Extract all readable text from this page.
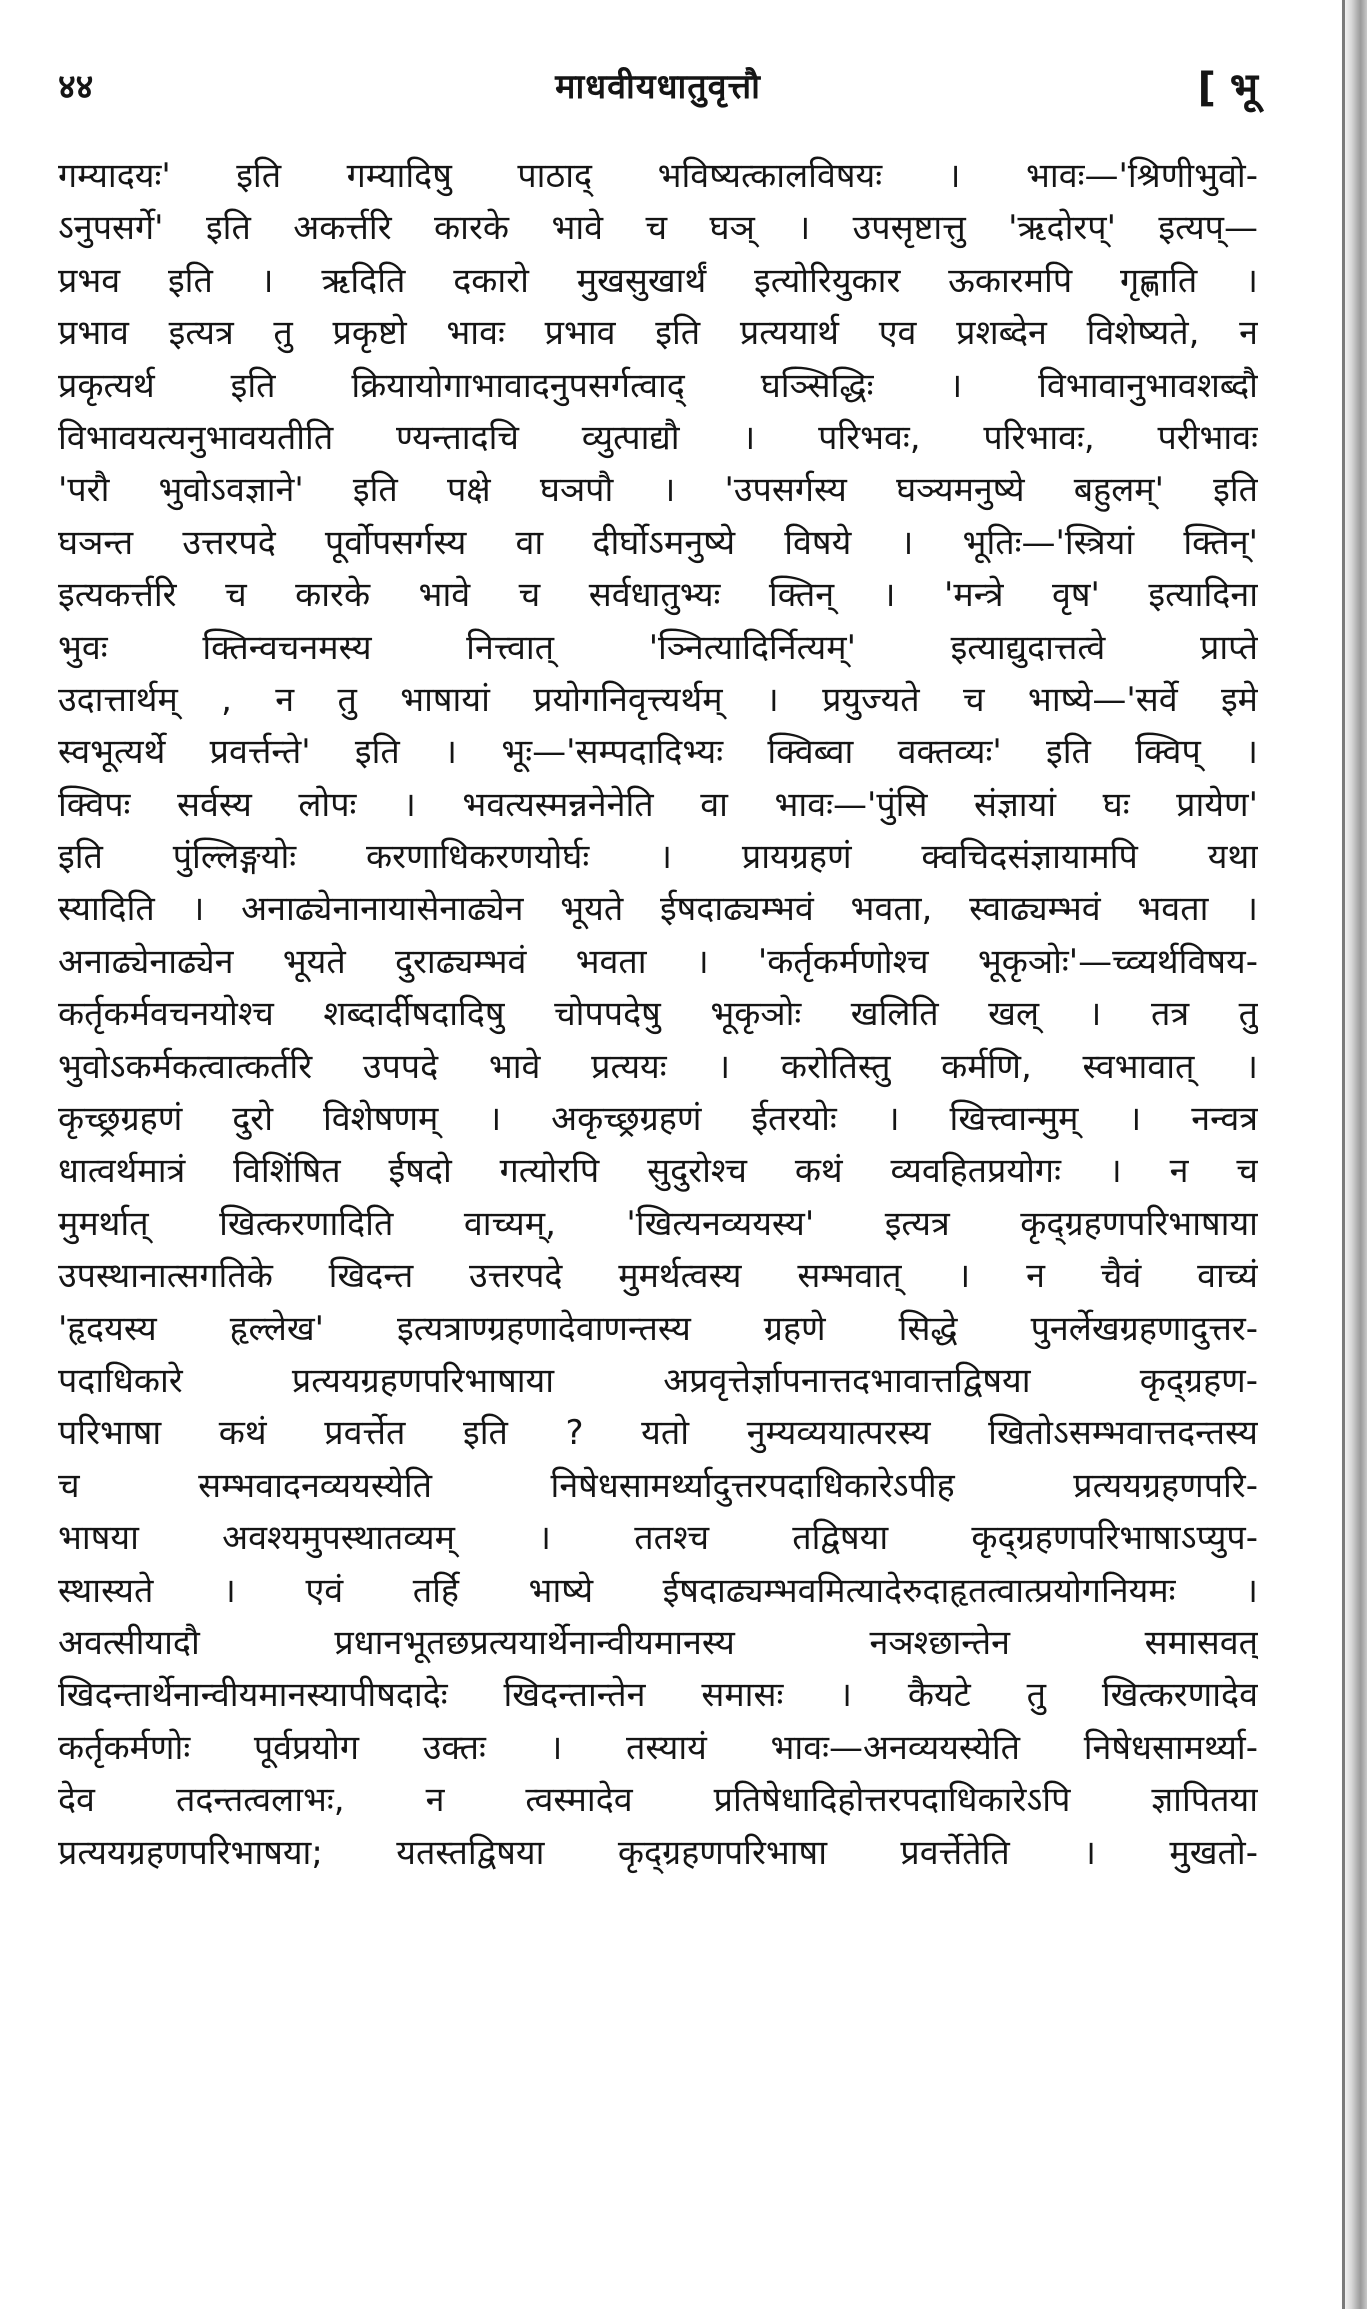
४४	माधवीयधातुवृत्तौ	[ भू
गम्यादयः' इति गम्यादिषु पाठाद् भविष्यत्कालविषयः । भावः—'श्रिणीभुवो-
ऽनुपसर्गे' इति अकर्त्तरि कारके भावे च घञ् । उपसृष्टात्तु 'ऋदोरप्' इत्यप्—
प्रभव इति । ऋदिति दकारो मुखसुखार्थं इत्योरियुकार ऊकारमपि गृह्णाति ।
प्रभाव इत्यत्र तु प्रकृष्टो भावः प्रभाव इति प्रत्ययार्थ एव प्रशब्देन विशेष्यते, न
प्रकृत्यर्थ इति क्रियायोगाभावादनुपसर्गत्वाद् घञ्सिद्धिः । विभावानुभावशब्दौ
विभावयत्यनुभावयतीति ण्यन्तादचि व्युत्पाद्यौ । परिभवः, परिभावः, परीभावः
'परौ भुवोऽवज्ञाने' इति पक्षे घञपौ । 'उपसर्गस्य घञ्यमनुष्ये बहुलम्' इति
घञन्त उत्तरपदे पूर्वोपसर्गस्य वा दीर्घोऽमनुष्ये विषये । भूतिः—'स्त्रियां क्तिन्'
इत्यकर्त्तरि च कारके भावे च सर्वधातुभ्यः क्तिन् । 'मन्त्रे वृष' इत्यादिना
भुवः क्तिन्वचनमस्य नित्त्वात् 'ञ्नित्यादिर्नित्यम्' इत्याद्युदात्तत्वे प्राप्ते
उदात्तार्थम् , न तु भाषायां प्रयोगनिवृत्त्यर्थम् । प्रयुज्यते च भाष्ये—'सर्वे इमे
स्वभूत्यर्थे प्रवर्त्तन्ते' इति । भूः—'सम्पदादिभ्यः क्विब्वा वक्तव्यः' इति क्विप् ।
क्विपः सर्वस्य लोपः । भवत्यस्मन्ननेनेति वा भावः—'पुंसि संज्ञायां घः प्रायेण'
इति पुंल्लिङ्गयोः करणाधिकरणयोर्घः । प्रायग्रहणं क्वचिदसंज्ञायामपि यथा
स्यादिति । अनाढ्येनानायासेनाढ्येन भूयते ईषदाढ्यम्भवं भवता, स्वाढ्यम्भवं भवता ।
अनाढ्येनाढ्येन भूयते दुराढ्यम्भवं भवता । 'कर्तृकर्मणोश्च भूकृञोः'—च्व्यर्थविषय-
कर्तृकर्मवचनयोश्च शब्दार्दीषदादिषु चोपपदेषु भूकृञोः खलिति खल् । तत्र तु
भुवोऽकर्मकत्वात्कर्तरि उपपदे भावे प्रत्ययः । करोतिस्तु कर्मणि, स्वभावात् ।
कृच्छ्रग्रहणं दुरो विशेषणम् । अकृच्छ्रग्रहणं ईतरयोः । खित्त्वान्मुम् । नन्वत्र
धात्वर्थमात्रं विशिंषित ईषदो गत्योरपि सुदुरोश्च कथं व्यवहितप्रयोगः । न च
मुमर्थात् खित्करणादिति वाच्यम्, 'खित्यनव्ययस्य' इत्यत्र कृद्ग्रहणपरिभाषाया
उपस्थानात्सगतिके खिदन्त उत्तरपदे मुमर्थत्वस्य सम्भवात् । न चैवं वाच्यं
'हृदयस्य हृल्लेख' इत्यत्राण्ग्रहणादेवाणन्तस्य ग्रहणे सिद्धे पुनर्लेखग्रहणादुत्तर-
पदाधिकारे प्रत्ययग्रहणपरिभाषाया अप्रवृत्तेर्ज्ञापनात्तदभावात्तद्विषया कृद्ग्रहण-
परिभाषा कथं प्रवर्त्तेत इति ? यतो नुम्यव्ययात्परस्य खितोऽसम्भवात्तदन्तस्य
च सम्भवादनव्ययस्येति निषेधसामर्थ्यादुत्तरपदाधिकारेऽपीह प्रत्ययग्रहणपरि-
भाषया अवश्यमुपस्थातव्यम् । ततश्च तद्विषया कृद्ग्रहणपरिभाषाऽप्युप-
स्थास्यते । एवं तर्हि भाष्ये ईषदाढ्यम्भवमित्यादेरुदाहृतत्वात्प्रयोगनियमः ।
अवत्सीयादौ प्रधानभूतछप्रत्ययार्थेनान्वीयमानस्य नञश्छान्तेन समासवत्
खिदन्तार्थेनान्वीयमानस्यापीषदादेः खिदन्तान्तेन समासः । कैयटे तु खित्करणादेव
कर्तृकर्मणोः पूर्वप्रयोग उक्तः । तस्यायं भावः—अनव्ययस्येति निषेधसामर्थ्या-
देव तदन्तत्वलाभः, न त्वस्मादेव प्रतिषेधादिहोत्तरपदाधिकारेऽपि ज्ञापितया
प्रत्ययग्रहणपरिभाषया; यतस्तद्विषया कृद्ग्रहणपरिभाषा प्रवर्त्तेतेति । मुखतो-
